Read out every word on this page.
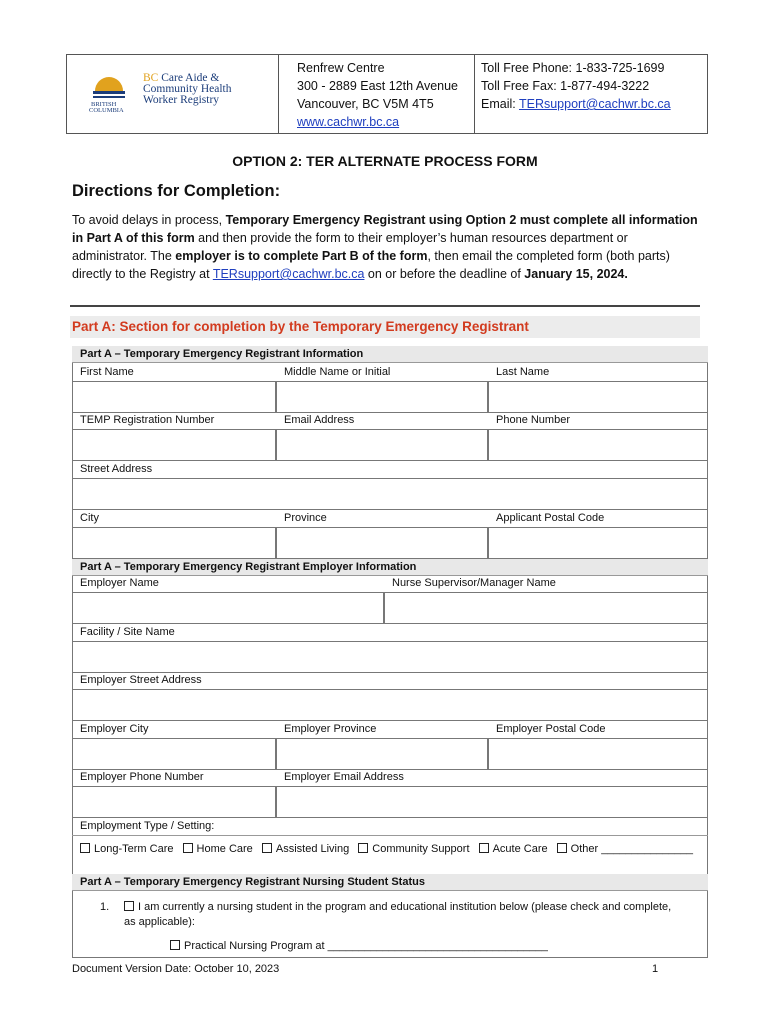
BRITISH
COLUMBIA
BC Care Aide &
Community Health
Worker Registry
Renfrew Centre
300 - 2889 East 12th Avenue
Vancouver, BC V5M 4T5
www.cachwr.bc.ca
Toll Free Phone: 1-833-725-1699
Toll Free Fax: 1-877-494-3222
Email: TERsupport@cachwr.bc.ca
OPTION 2: TER ALTERNATE PROCESS FORM
Directions for Completion:
To avoid delays in process, Temporary Emergency Registrant using Option 2 must complete all information in Part A of this form and then provide the form to their employer’s human resources department or administrator. The employer is to complete Part B of the form, then email the completed form (both parts) directly to the Registry at TERsupport@cachwr.bc.ca on or before the deadline of January 15, 2024.
Part A: Section for completion by the Temporary Emergency Registrant
Part A – Temporary Emergency Registrant Information
First Name	Middle Name or Initial	Last Name
TEMP Registration Number	Email Address	Phone Number
Street Address
City	Province	Applicant Postal Code
Part A – Temporary Emergency Registrant Employer Information
Employer Name	Nurse Supervisor/Manager Name
Facility / Site Name
Employer Street Address
Employer City	Employer Province	Employer Postal Code
Employer Phone Number	Employer Email Address
Employment Type / Setting:
Long-Term Care Home Care Assisted Living Community Support Acute Care Other _______________
Part A – Temporary Emergency Registrant Nursing Student Status
1.	I am currently a nursing student in the program and educational institution below (please check and complete, as applicable):
Practical Nursing Program at ____________________________________
Document Version Date: October 10, 2023	1
